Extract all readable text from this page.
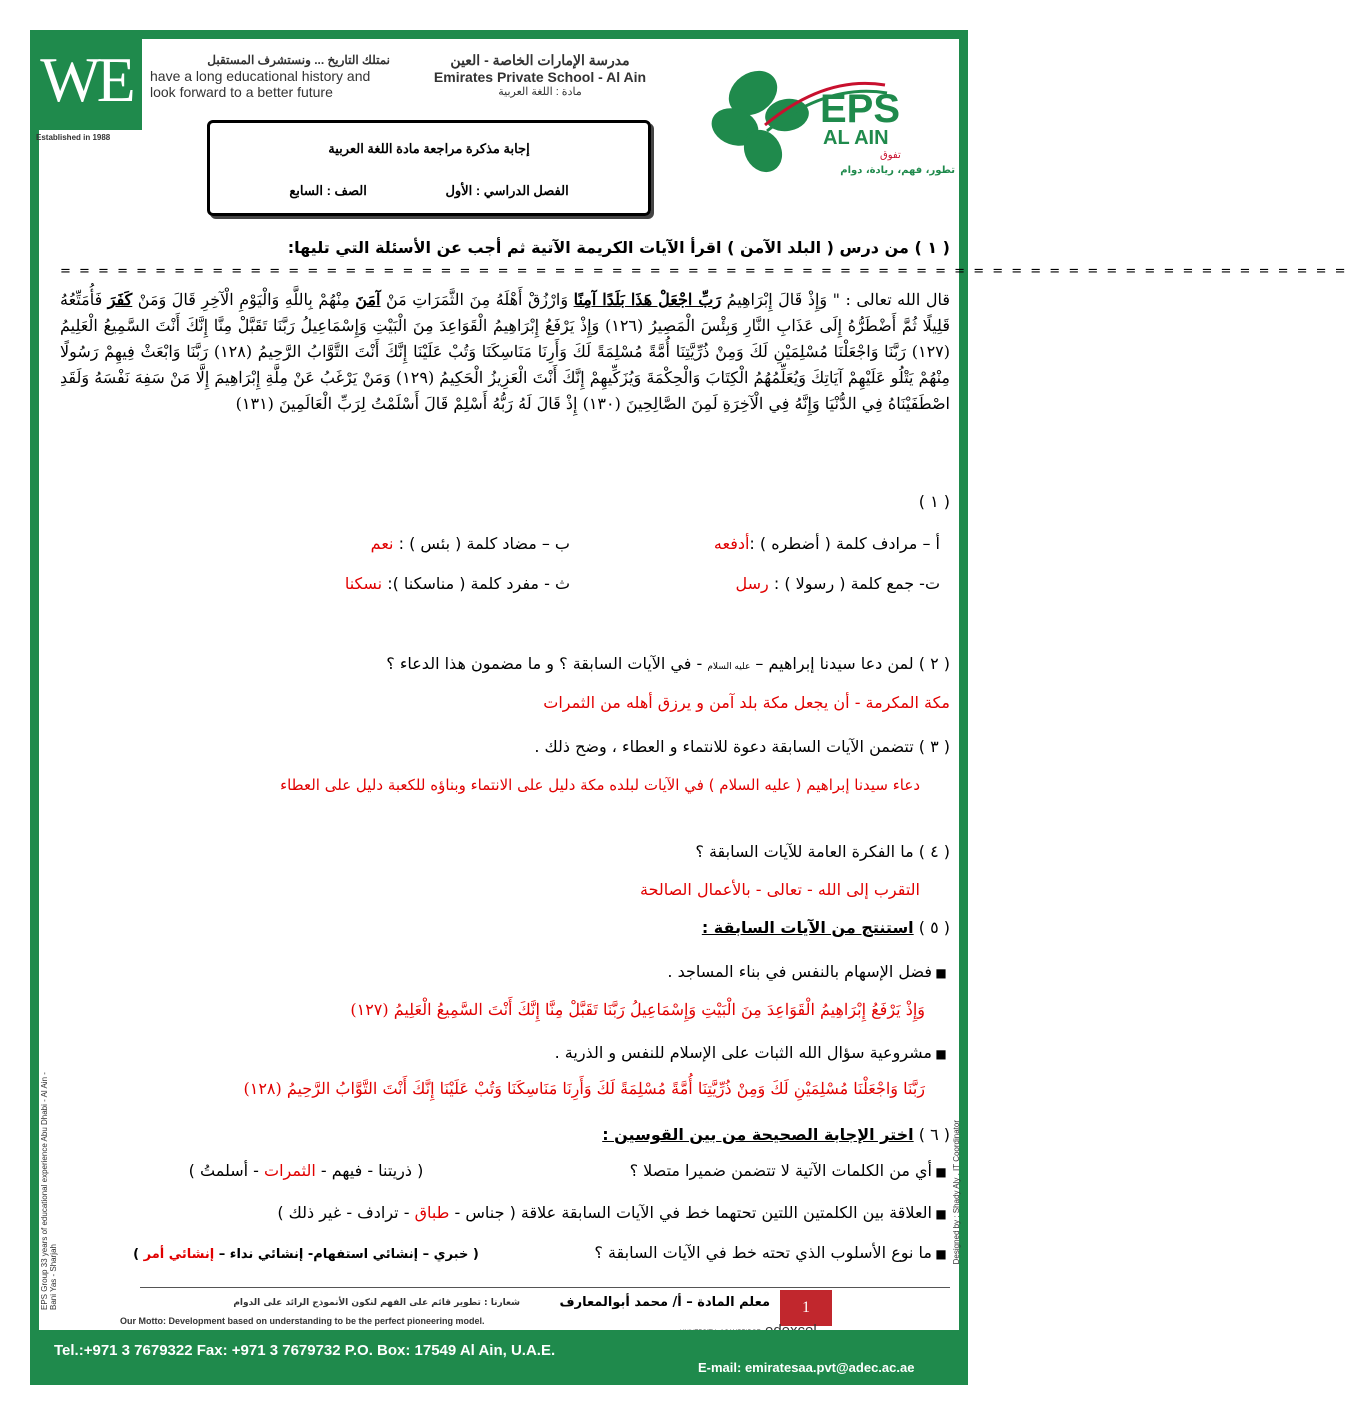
WE
Established in 1988
نمتلك التاريخ ... ونستشرف المستقبل
have a long educational history and
look forward to a better future
مدرسة الإمارات الخاصة - العين
Emirates Private School - Al Ain
مادة : اللغة العربية	EPS
AL AIN
تفوق
تطور، فهم، ريادة، دوام
إجابة مذكرة مراجعة مادة اللغة العربية
الفصل الدراسي : الأول
الصف : السابع
( ١ ) من درس ( البلد الآمن ) اقرأ الآيات الكريمة الآتية ثم أجب عن الأسئلة التي تليها:
= = = = = = = = = = = = = = = = = = = = = = = = = = = = = = = = = = = = = = = = = = = = = = = = = = = = = = = = = = = = = = = = = = = =
قال الله تعالى : " وَإِذْ قَالَ إِبْرَاهِيمُ رَبِّ اجْعَلْ هَذَا بَلَدًا آمِنًا وَارْزُقْ أَهْلَهُ مِنَ الثَّمَرَاتِ مَنْ آمَنَ مِنْهُمْ بِاللَّهِ وَالْيَوْمِ الْآخِرِ قَالَ وَمَنْ كَفَرَ فَأُمَتِّعُهُ قَلِيلًا ثُمَّ أَضْطَرُّهُ إِلَى عَذَابِ النَّارِ وَبِئْسَ الْمَصِيرُ (١٢٦) وَإِذْ يَرْفَعُ إِبْرَاهِيمُ الْقَوَاعِدَ مِنَ الْبَيْتِ وَإِسْمَاعِيلُ رَبَّنَا تَقَبَّلْ مِنَّا إِنَّكَ أَنْتَ السَّمِيعُ الْعَلِيمُ (١٢٧) رَبَّنَا وَاجْعَلْنَا مُسْلِمَيْنِ لَكَ وَمِنْ ذُرِّيَّتِنَا أُمَّةً مُسْلِمَةً لَكَ وَأَرِنَا مَنَاسِكَنَا وَتُبْ عَلَيْنَا إِنَّكَ أَنْتَ التَّوَّابُ الرَّحِيمُ (١٢٨) رَبَّنَا وَابْعَثْ فِيهِمْ رَسُولًا مِنْهُمْ يَتْلُو عَلَيْهِمْ آيَاتِكَ وَيُعَلِّمُهُمُ الْكِتَابَ وَالْحِكْمَةَ وَيُزَكِّيهِمْ إِنَّكَ أَنْتَ الْعَزِيزُ الْحَكِيمُ (١٢٩) وَمَنْ يَرْغَبُ عَنْ مِلَّةِ إِبْرَاهِيمَ إِلَّا مَنْ سَفِهَ نَفْسَهُ وَلَقَدِ اصْطَفَيْنَاهُ فِي الدُّنْيَا وَإِنَّهُ فِي الْآخِرَةِ لَمِنَ الصَّالِحِينَ (١٣٠) إِذْ قَالَ لَهُ رَبُّهُ أَسْلِمْ قَالَ أَسْلَمْتُ لِرَبِّ الْعَالَمِينَ (١٣١)
( ١ )
أ – مرادف كلمة ( أضطره ) :أدفعه
ب – مضاد كلمة ( بئس ) : نعم
ت- جمع كلمة ( رسولا ) : رسل
ث - مفرد كلمة ( مناسكنا ): نسكنا
( ٢ ) لمن دعا سيدنا إبراهيم – عليه السلام - في الآيات السابقة ؟ و ما مضمون هذا الدعاء ؟
مكة المكرمة - أن يجعل مكة بلد آمن و يرزق أهله من الثمرات
( ٣ ) تتضمن الآيات السابقة دعوة للانتماء و العطاء ، وضح ذلك .
دعاء سيدنا إبراهيم ( عليه السلام ) في الآيات لبلده مكة دليل على الانتماء وبناؤه للكعبة دليل على العطاء
( ٤ ) ما الفكرة العامة للآيات السابقة ؟
التقرب إلى الله - تعالى - بالأعمال الصالحة
( ٥ ) استنتج من الآيات السابقة :
■
فضل الإسهام بالنفس في بناء المساجد .
وَإِذْ يَرْفَعُ إِبْرَاهِيمُ الْقَوَاعِدَ مِنَ الْبَيْتِ وَإِسْمَاعِيلُ رَبَّنَا تَقَبَّلْ مِنَّا إِنَّكَ أَنْتَ السَّمِيعُ الْعَلِيمُ (١٢٧)
■
مشروعية سؤال الله الثبات على الإسلام للنفس و الذرية .
رَبَّنَا وَاجْعَلْنَا مُسْلِمَيْنِ لَكَ وَمِنْ ذُرِّيَّتِنَا أُمَّةً مُسْلِمَةً لَكَ وَأَرِنَا مَنَاسِكَنَا وَتُبْ عَلَيْنَا إِنَّكَ أَنْتَ التَّوَّابُ الرَّحِيمُ (١٢٨)
( ٦ ) اختر الإجابة الصحيحة من بين القوسين :
■
أي من الكلمات الآتية لا تتضمن ضميرا متصلا ؟
( ذريتنا - فيهم - الثمرات - أسلمتُ )
■
العلاقة بين الكلمتين اللتين تحتهما خط في الآيات السابقة علاقة ( جناس - طباق - ترادف - غير ذلك )
■
ما نوع الأسلوب الذي تحته خط في الآيات السابقة ؟
( خبري – إنشائي استفهام- إنشائي نداء – إنشائي أمر )
معلم المادة – أ/ محمد أبوالمعارف	1
شعارنا : تطوير قائم على الفهم لنكون الأنموذج الرائد على الدوام
Our Motto: Development based on understanding to be the perfect pioneering model.
Tel.:+971 3 7679322 Fax: +971 3 7679732 P.O. Box: 17549 Al Ain, U.A.E.
E-mail: emiratesaa.pvt@adec.ac.ae
EPS Group 33 years of educational experience Abu Dhabi - Al Ain - Bani Yas - Sharjah
Designed by : Shady Aly . IT Coordinator
